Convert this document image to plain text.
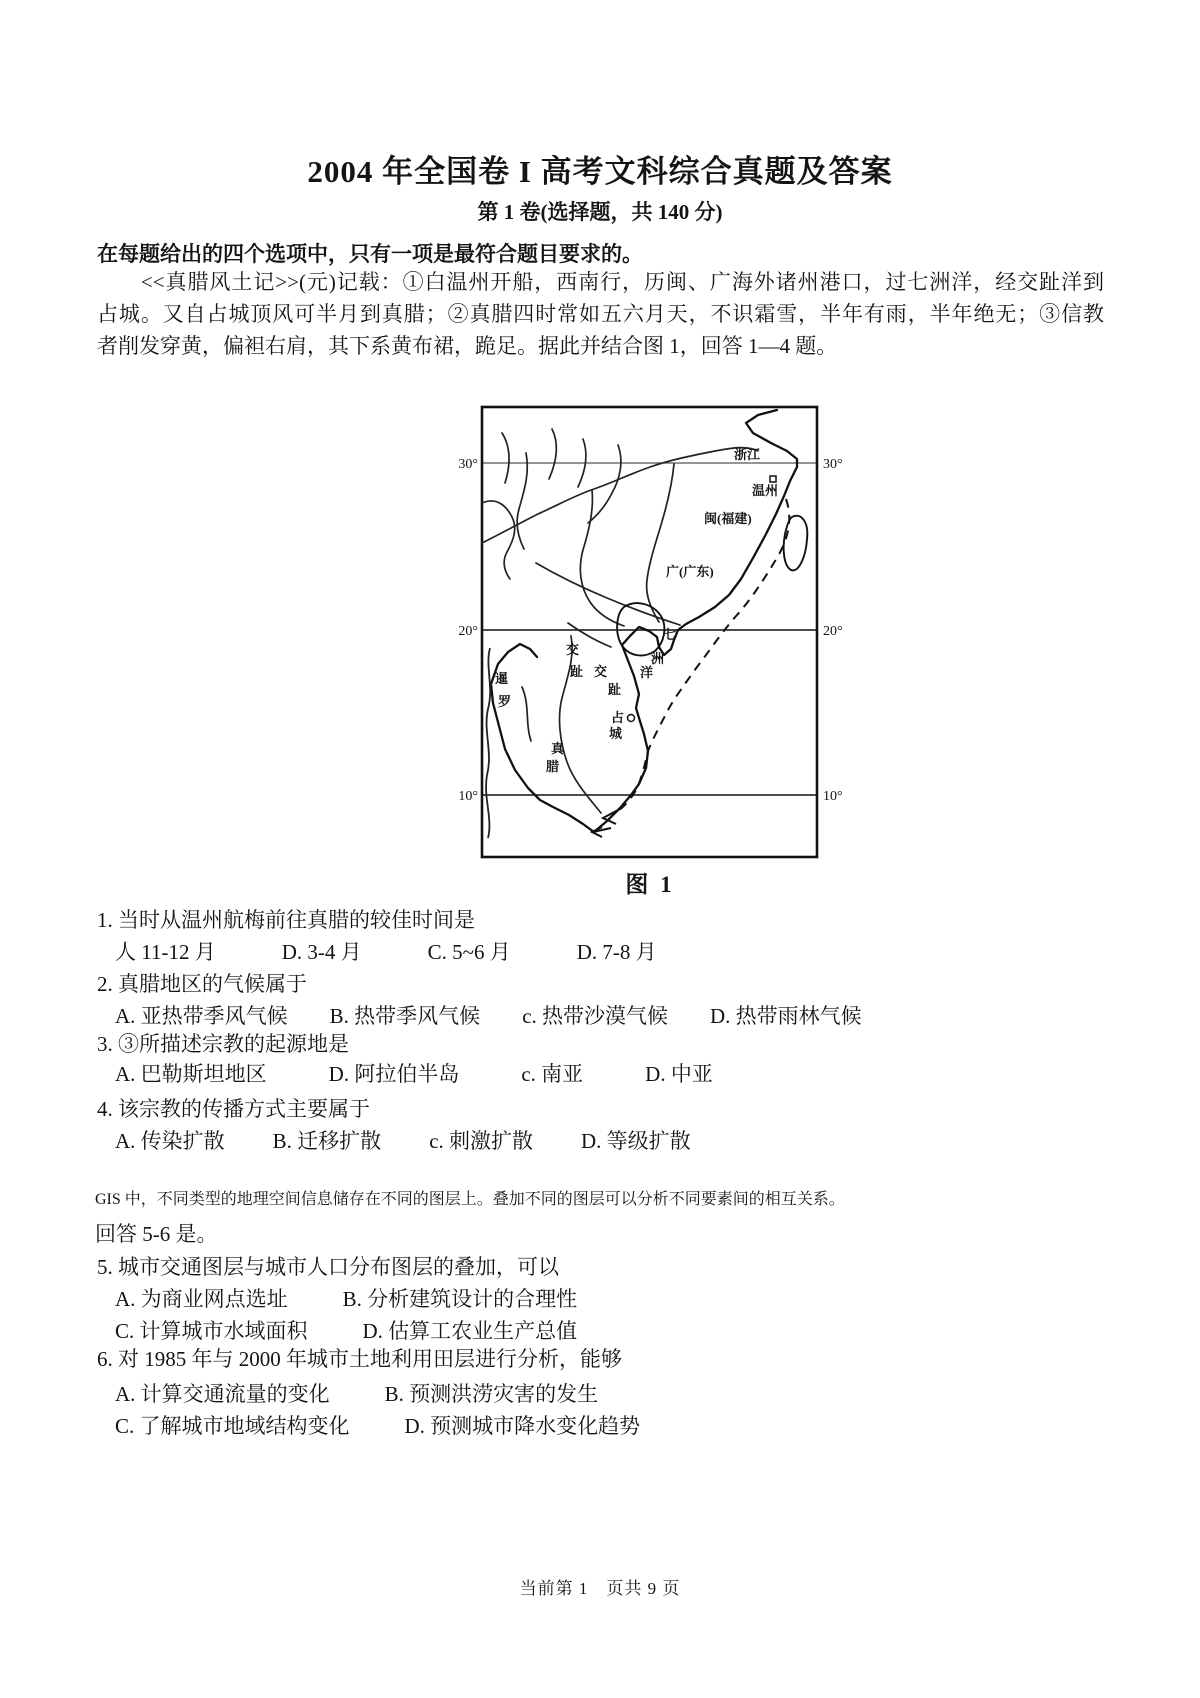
2004 年全国卷 I 高考文科综合真题及答案
第 1 卷(选择题，共 140 分)
在每题给出的四个选项中，只有一项是最符合题目要求的。
　　<<真腊风土记>>(元)记载：①白温州开船，西南行，历闽、广海外诸州港口，过七洲洋，经交趾洋到
占城。又自占城顶风可半月到真腊；②真腊四时常如五六月天，不识霜雪，半年有雨，半年绝无；③信教
者削发穿黄，偏袒右肩，其下系黄布裙，跪足。据此并结合图 1，回答 1—4 题。
30°
20°
10°
30°
20°
10°
浙江
温州
闽(福建)
广(广东)
交
趾 交
趾
七
洲
洋
占
城
暹
罗
真
腊
图 1
1. 当时从温州航梅前往真腊的较佳时间是
人 11-12 月	D. 3-4 月	C. 5~6 月	D. 7-8 月
2. 真腊地区的气候属于
A. 亚热带季风气候 B. 热带季风气候 c. 热带沙漠气候 D. 热带雨林气候
3. ③所描述宗教的起源地是
A. 巴勒斯坦地区	D. 阿拉伯半岛	c. 南亚	D. 中亚
4. 该宗教的传播方式主要属于
A. 传染扩散 B. 迁移扩散 c. 刺激扩散 D. 等级扩散
GIS 中，不同类型的地理空间信息储存在不同的图层上。叠加不同的图层可以分析不同要素间的相互关系。
回答 5-6 是。
5. 城市交通图层与城市人口分布图层的叠加，可以
A. 为商业网点选址	B. 分析建筑设计的合理性
C. 计算城市水域面积	D. 估算工农业生产总值
6. 对 1985 年与 2000 年城市土地利用田层进行分析，能够
A. 计算交通流量的变化	B. 预测洪涝灾害的发生
C. 了解城市地域结构变化	D. 预测城市降水变化趋势
当前第 1　页共 9 页
